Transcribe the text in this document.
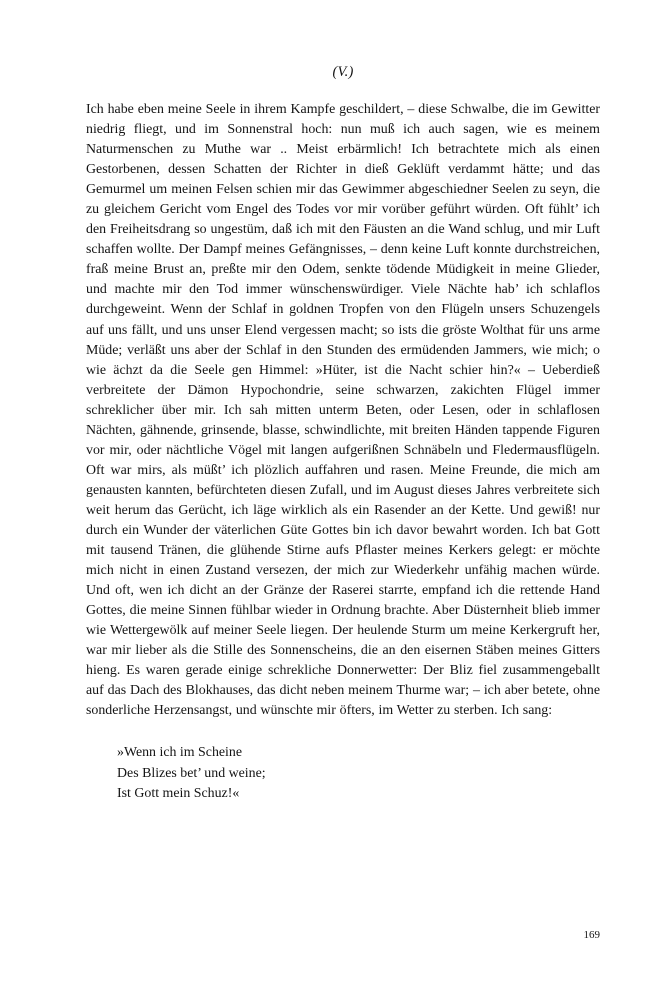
(V.)

Ich habe eben meine Seele in ihrem Kampfe geschildert, – diese Schwalbe, die im Gewitter niedrig fliegt, und im Sonnenstral hoch: nun muß ich auch sagen, wie es meinem Naturmenschen zu Muthe war .. Meist erbärmlich! Ich betrachtete mich als einen Gestorbenen, dessen Schatten der Richter in dieß Geklüft verdammt hätte; und das Gemurmel um meinen Felsen schien mir das Gewimmer abgeschiedner Seelen zu seyn, die zu gleichem Gericht vom Engel des Todes vor mir vorüber geführt würden. Oft fühlt’ ich den Freiheitsdrang so ungestüm, daß ich mit den Fäusten an die Wand schlug, und mir Luft schaffen wollte. Der Dampf meines Gefängnisses, – denn keine Luft konnte durchstreichen, fraß meine Brust an, preßte mir den Odem, senkte tödende Müdigkeit in meine Glieder, und machte mir den Tod immer wünschenswürdiger. Viele Nächte hab’ ich schlaflos durchgeweint. Wenn der Schlaf in goldnen Tropfen von den Flügeln unsers Schuzengels auf uns fällt, und uns unser Elend vergessen macht; so ists die gröste Wolthat für uns arme Müde; verläßt uns aber der Schlaf in den Stunden des ermüdenden Jammers, wie mich; o wie ächzt da die Seele gen Himmel: »Hüter, ist die Nacht schier hin?« – Ueberdieß verbreitete der Dämon Hypochondrie, seine schwarzen, zakichten Flügel immer schreklicher über mir. Ich sah mitten unterm Beten, oder Lesen, oder in schlaflosen Nächten, gähnende, grinsende, blasse, schwindlichte, mit breiten Händen tappende Figuren vor mir, oder nächtliche Vögel mit langen aufgerißnen Schnäbeln und Fledermausflügeln. Oft war mirs, als müßt’ ich plözlich auffahren und rasen. Meine Freunde, die mich am genausten kannten, befürchteten diesen Zufall, und im August dieses Jahres verbreitete sich weit herum das Gerücht, ich läge wirklich als ein Rasender an der Kette. Und gewiß! nur durch ein Wunder der väterlichen Güte Gottes bin ich davor bewahrt worden. Ich bat Gott mit tausend Tränen, die glühende Stirne aufs Pflaster meines Kerkers gelegt: er möchte mich nicht in einen Zustand versezen, der mich zur Wiederkehr unfähig machen würde. Und oft, wen ich dicht an der Gränze der Raserei starrte, empfand ich die rettende Hand Gottes, die meine Sinnen fühlbar wieder in Ordnung brachte. Aber Düsternheit blieb immer wie Wettergewölk auf meiner Seele liegen. Der heulende Sturm um meine Kerkergruft her, war mir lieber als die Stille des Sonnenscheins, die an den eisernen Stäben meines Gitters hieng. Es waren gerade einige schrekliche Donnerwetter: Der Bliz fiel zusammengeballt auf das Dach des Blokhauses, das dicht neben meinem Thurme war; – ich aber betete, ohne sonderliche Herzensangst, und wünschte mir öfters, im Wetter zu sterben. Ich sang:

»Wenn ich im Scheine
Des Blizes bet’ und weine;
Ist Gott mein Schuz!«
169
